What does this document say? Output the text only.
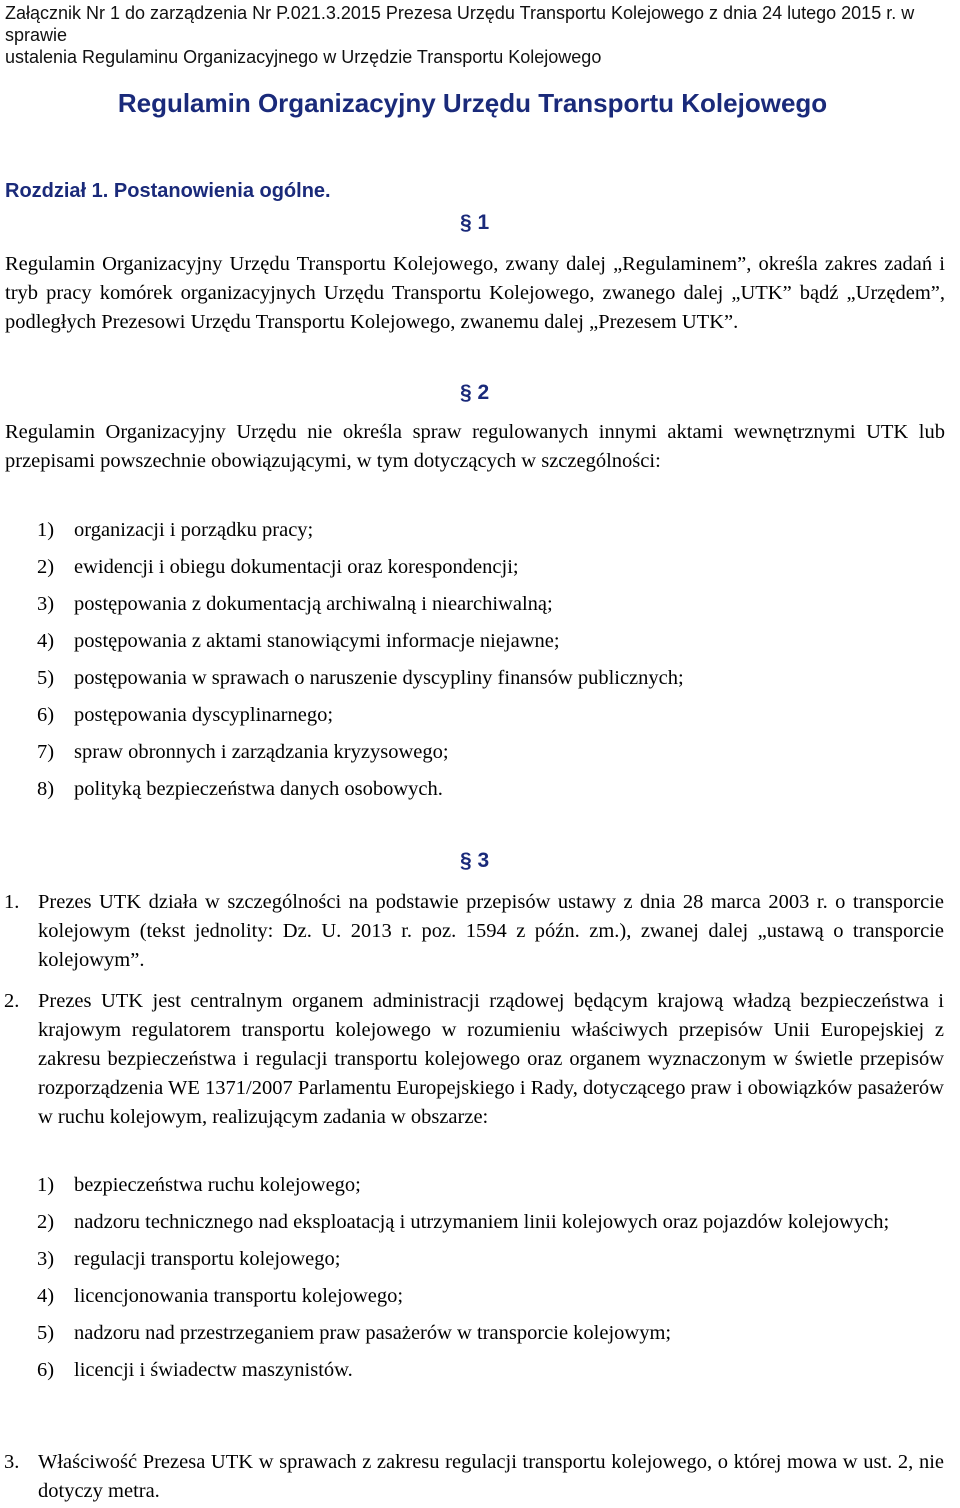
Załącznik Nr 1 do zarządzenia Nr P.021.3.2015 Prezesa Urzędu Transportu Kolejowego z dnia 24 lutego 2015 r. w sprawie
ustalenia Regulaminu Organizacyjnego w Urzędzie Transportu Kolejowego
Regulamin Organizacyjny Urzędu Transportu Kolejowego
Rozdział 1. Postanowienia ogólne.
§ 1
Regulamin Organizacyjny Urzędu Transportu Kolejowego, zwany dalej „Regulaminem”, określa zakres zadań i tryb pracy komórek organizacyjnych Urzędu Transportu Kolejowego, zwanego dalej „UTK” bądź „Urzędem”, podległych Prezesowi Urzędu Transportu Kolejowego, zwanemu dalej „Prezesem UTK”.
§ 2
Regulamin Organizacyjny Urzędu nie określa spraw regulowanych innymi aktami wewnętrznymi UTK lub przepisami powszechnie obowiązującymi, w tym dotyczących w szczególności:
1) organizacji i porządku pracy;
2) ewidencji i obiegu dokumentacji oraz korespondencji;
3) postępowania z dokumentacją archiwalną i niearchiwalną;
4) postępowania z aktami stanowiącymi informacje niejawne;
5) postępowania w sprawach o naruszenie dyscypliny finansów publicznych;
6) postępowania dyscyplinarnego;
7) spraw obronnych i zarządzania kryzysowego;
8) polityką bezpieczeństwa danych osobowych.
§ 3
1. Prezes UTK działa w szczególności na podstawie przepisów ustawy z dnia 28 marca 2003 r. o transporcie kolejowym (tekst jednolity: Dz. U. 2013 r. poz. 1594 z późn. zm.), zwanej dalej „ustawą o transporcie kolejowym”.
2. Prezes UTK jest centralnym organem administracji rządowej będącym krajową władzą bezpieczeństwa i krajowym regulatorem transportu kolejowego w rozumieniu właściwych przepisów Unii Europejskiej z zakresu bezpieczeństwa i regulacji transportu kolejowego oraz organem wyznaczonym w świetle przepisów rozporządzenia WE 1371/2007 Parlamentu Europejskiego i Rady, dotyczącego praw i obowiązków pasażerów w ruchu kolejowym, realizującym zadania w obszarze:
1) bezpieczeństwa ruchu kolejowego;
2) nadzoru technicznego nad eksploatacją i utrzymaniem linii kolejowych oraz pojazdów kolejowych;
3) regulacji transportu kolejowego;
4) licencjonowania transportu kolejowego;
5) nadzoru nad przestrzeganiem praw pasażerów w transporcie kolejowym;
6) licencji i świadectw maszynistów.
3. Właściwość Prezesa UTK w sprawach z zakresu regulacji transportu kolejowego, o której mowa w ust. 2, nie dotyczy metra.
